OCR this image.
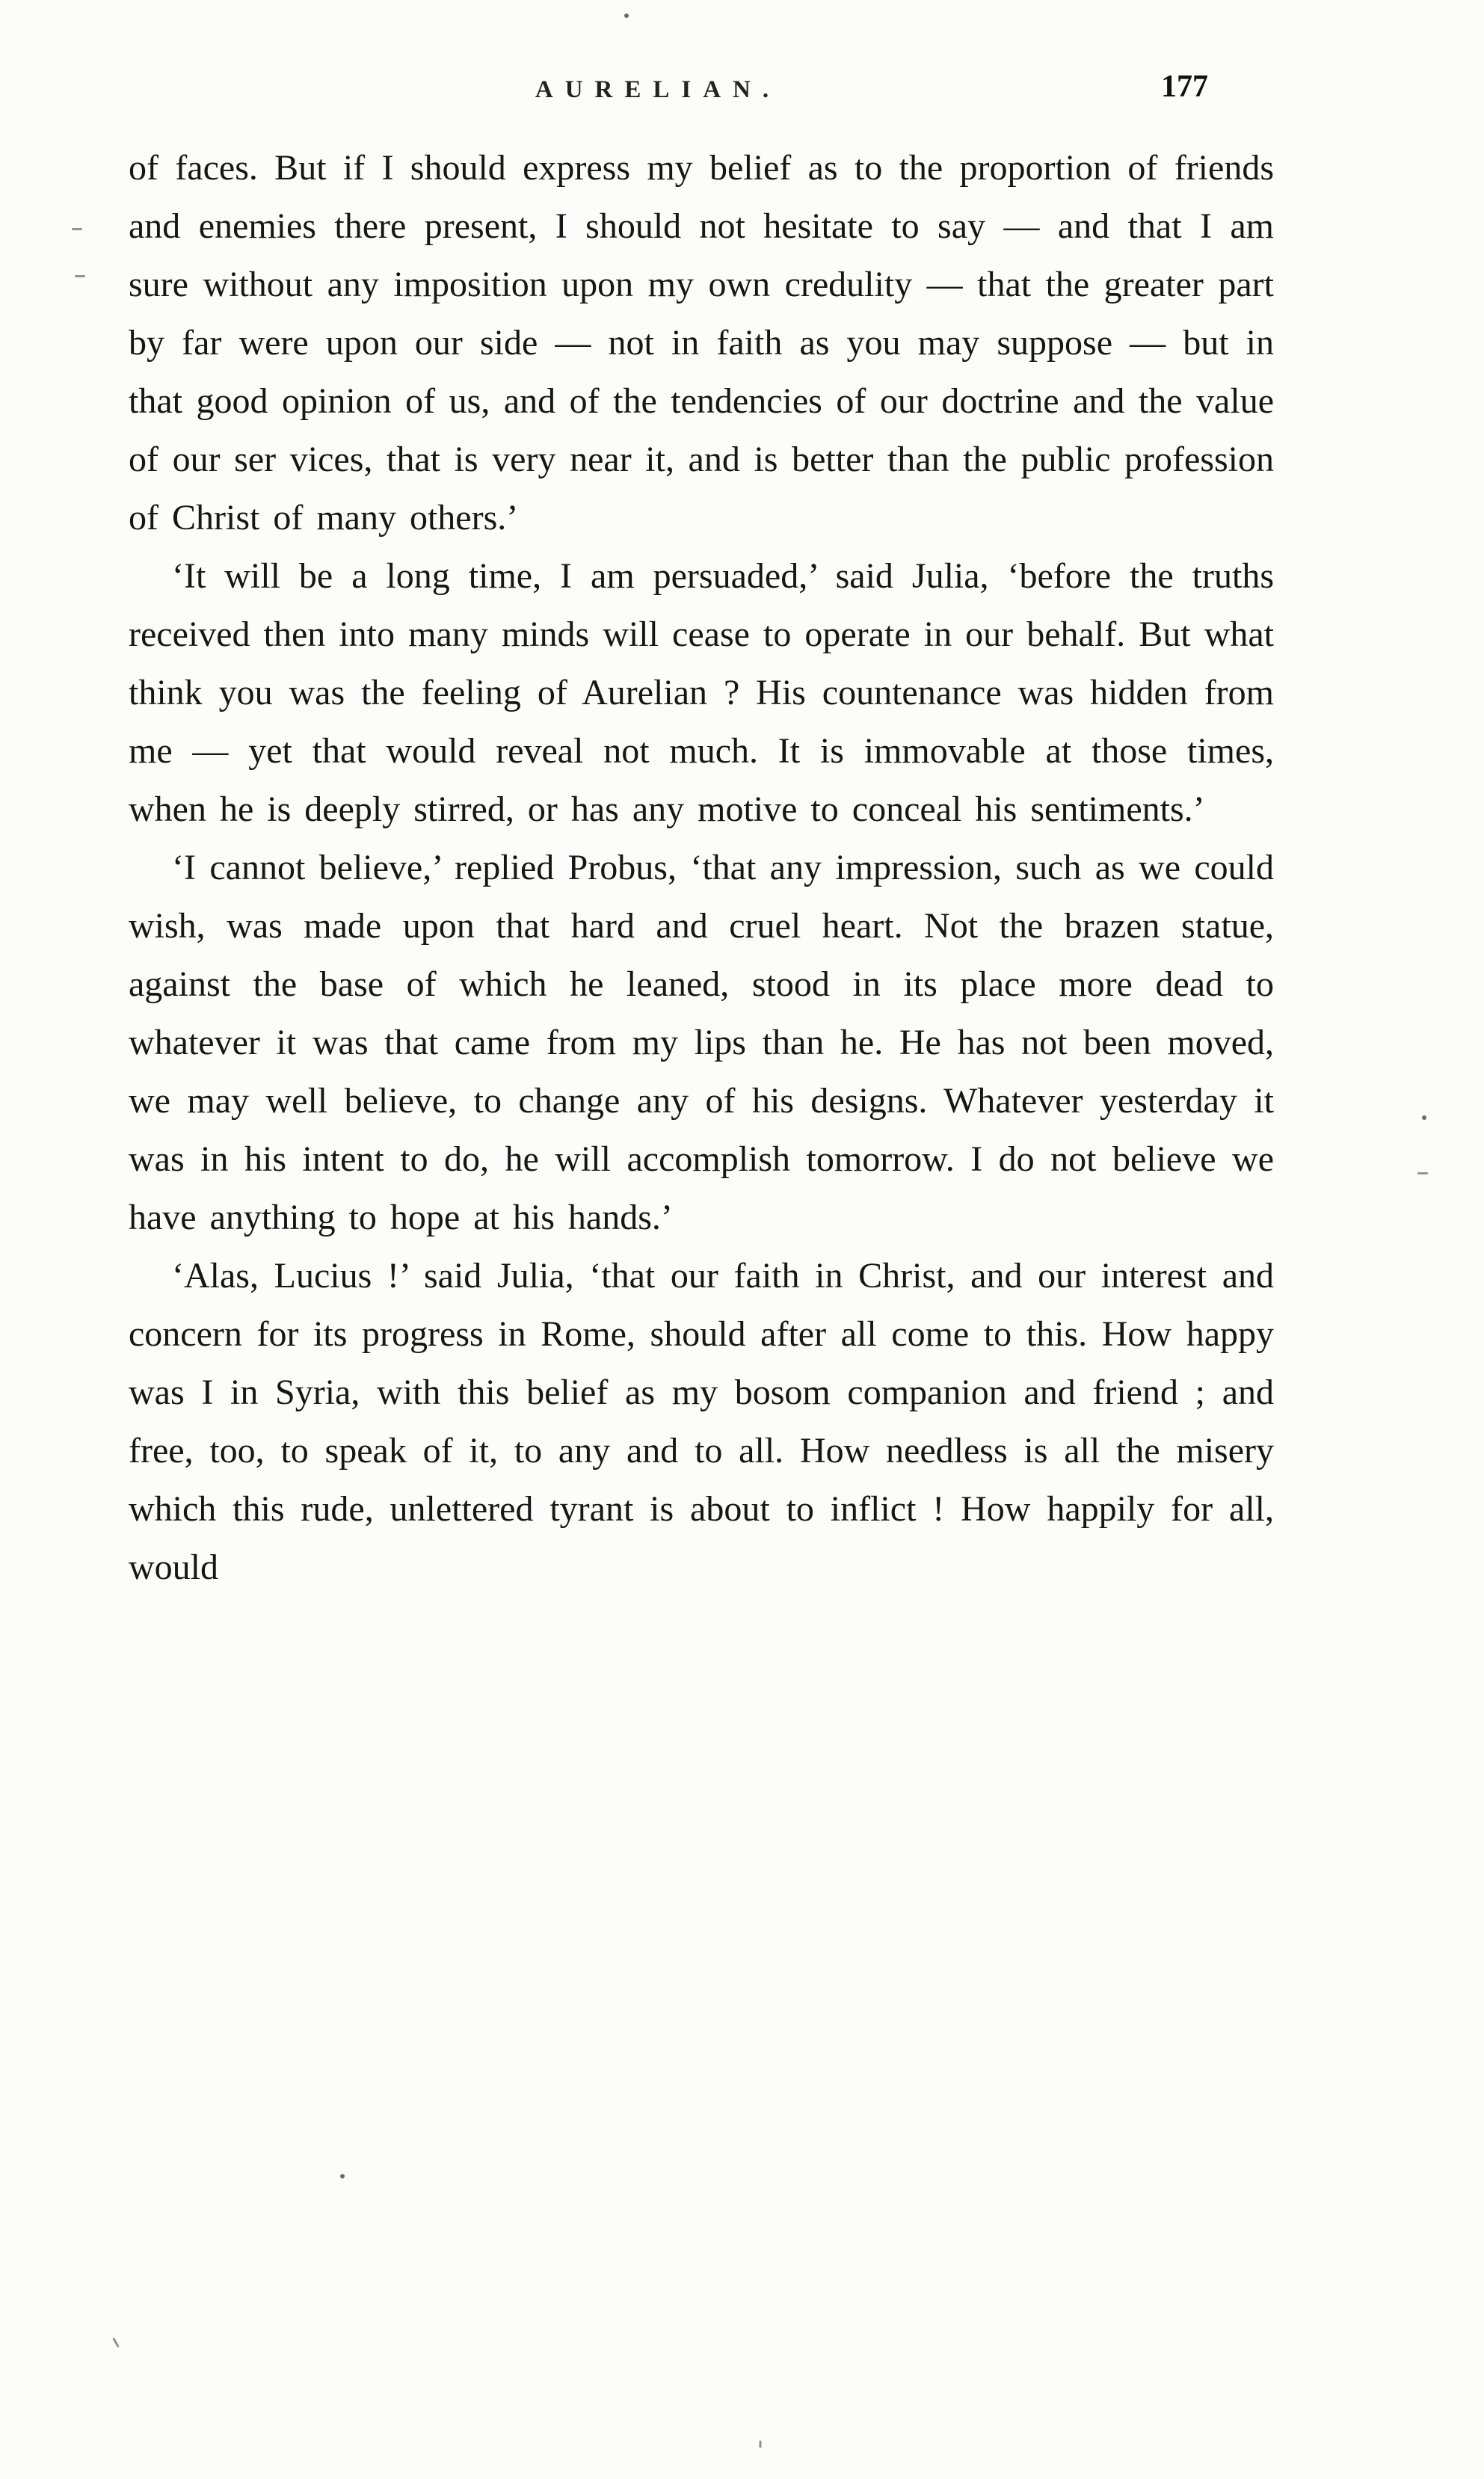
AURELIAN.	177

of faces. But if I should express my belief as to the proportion of friends and enemies there present, I should not hesitate to say — and that I am sure without any imposition upon my own credulity — that the greater part by far were upon our side — not in faith as you may suppose — but in that good opinion of us, and of the tendencies of our doctrine and the value of our ser vices, that is very near it, and is better than the public profession of Christ of many others.’

‘It will be a long time, I am persuaded,’ said Julia, ‘before the truths received then into many minds will cease to operate in our behalf. But what think you was the feeling of Aurelian ? His countenance was hidden from me — yet that would reveal not much. It is immovable at those times, when he is deeply stirred, or has any motive to conceal his sentiments.’

‘I cannot believe,’ replied Probus, ‘that any impression, such as we could wish, was made upon that hard and cruel heart. Not the brazen statue, against the base of which he leaned, stood in its place more dead to whatever it was that came from my lips than he. He has not been moved, we may well believe, to change any of his designs. Whatever yesterday it was in his intent to do, he will accomplish tomorrow. I do not believe we have anything to hope at his hands.’

‘Alas, Lucius !’ said Julia, ‘that our faith in Christ, and our interest and concern for its progress in Rome, should after all come to this. How happy was I in Syria, with this belief as my bosom companion and friend ; and free, too, to speak of it, to any and to all. How needless is all the misery which this rude, unlettered tyrant is about to inflict ! How happily for all, would
